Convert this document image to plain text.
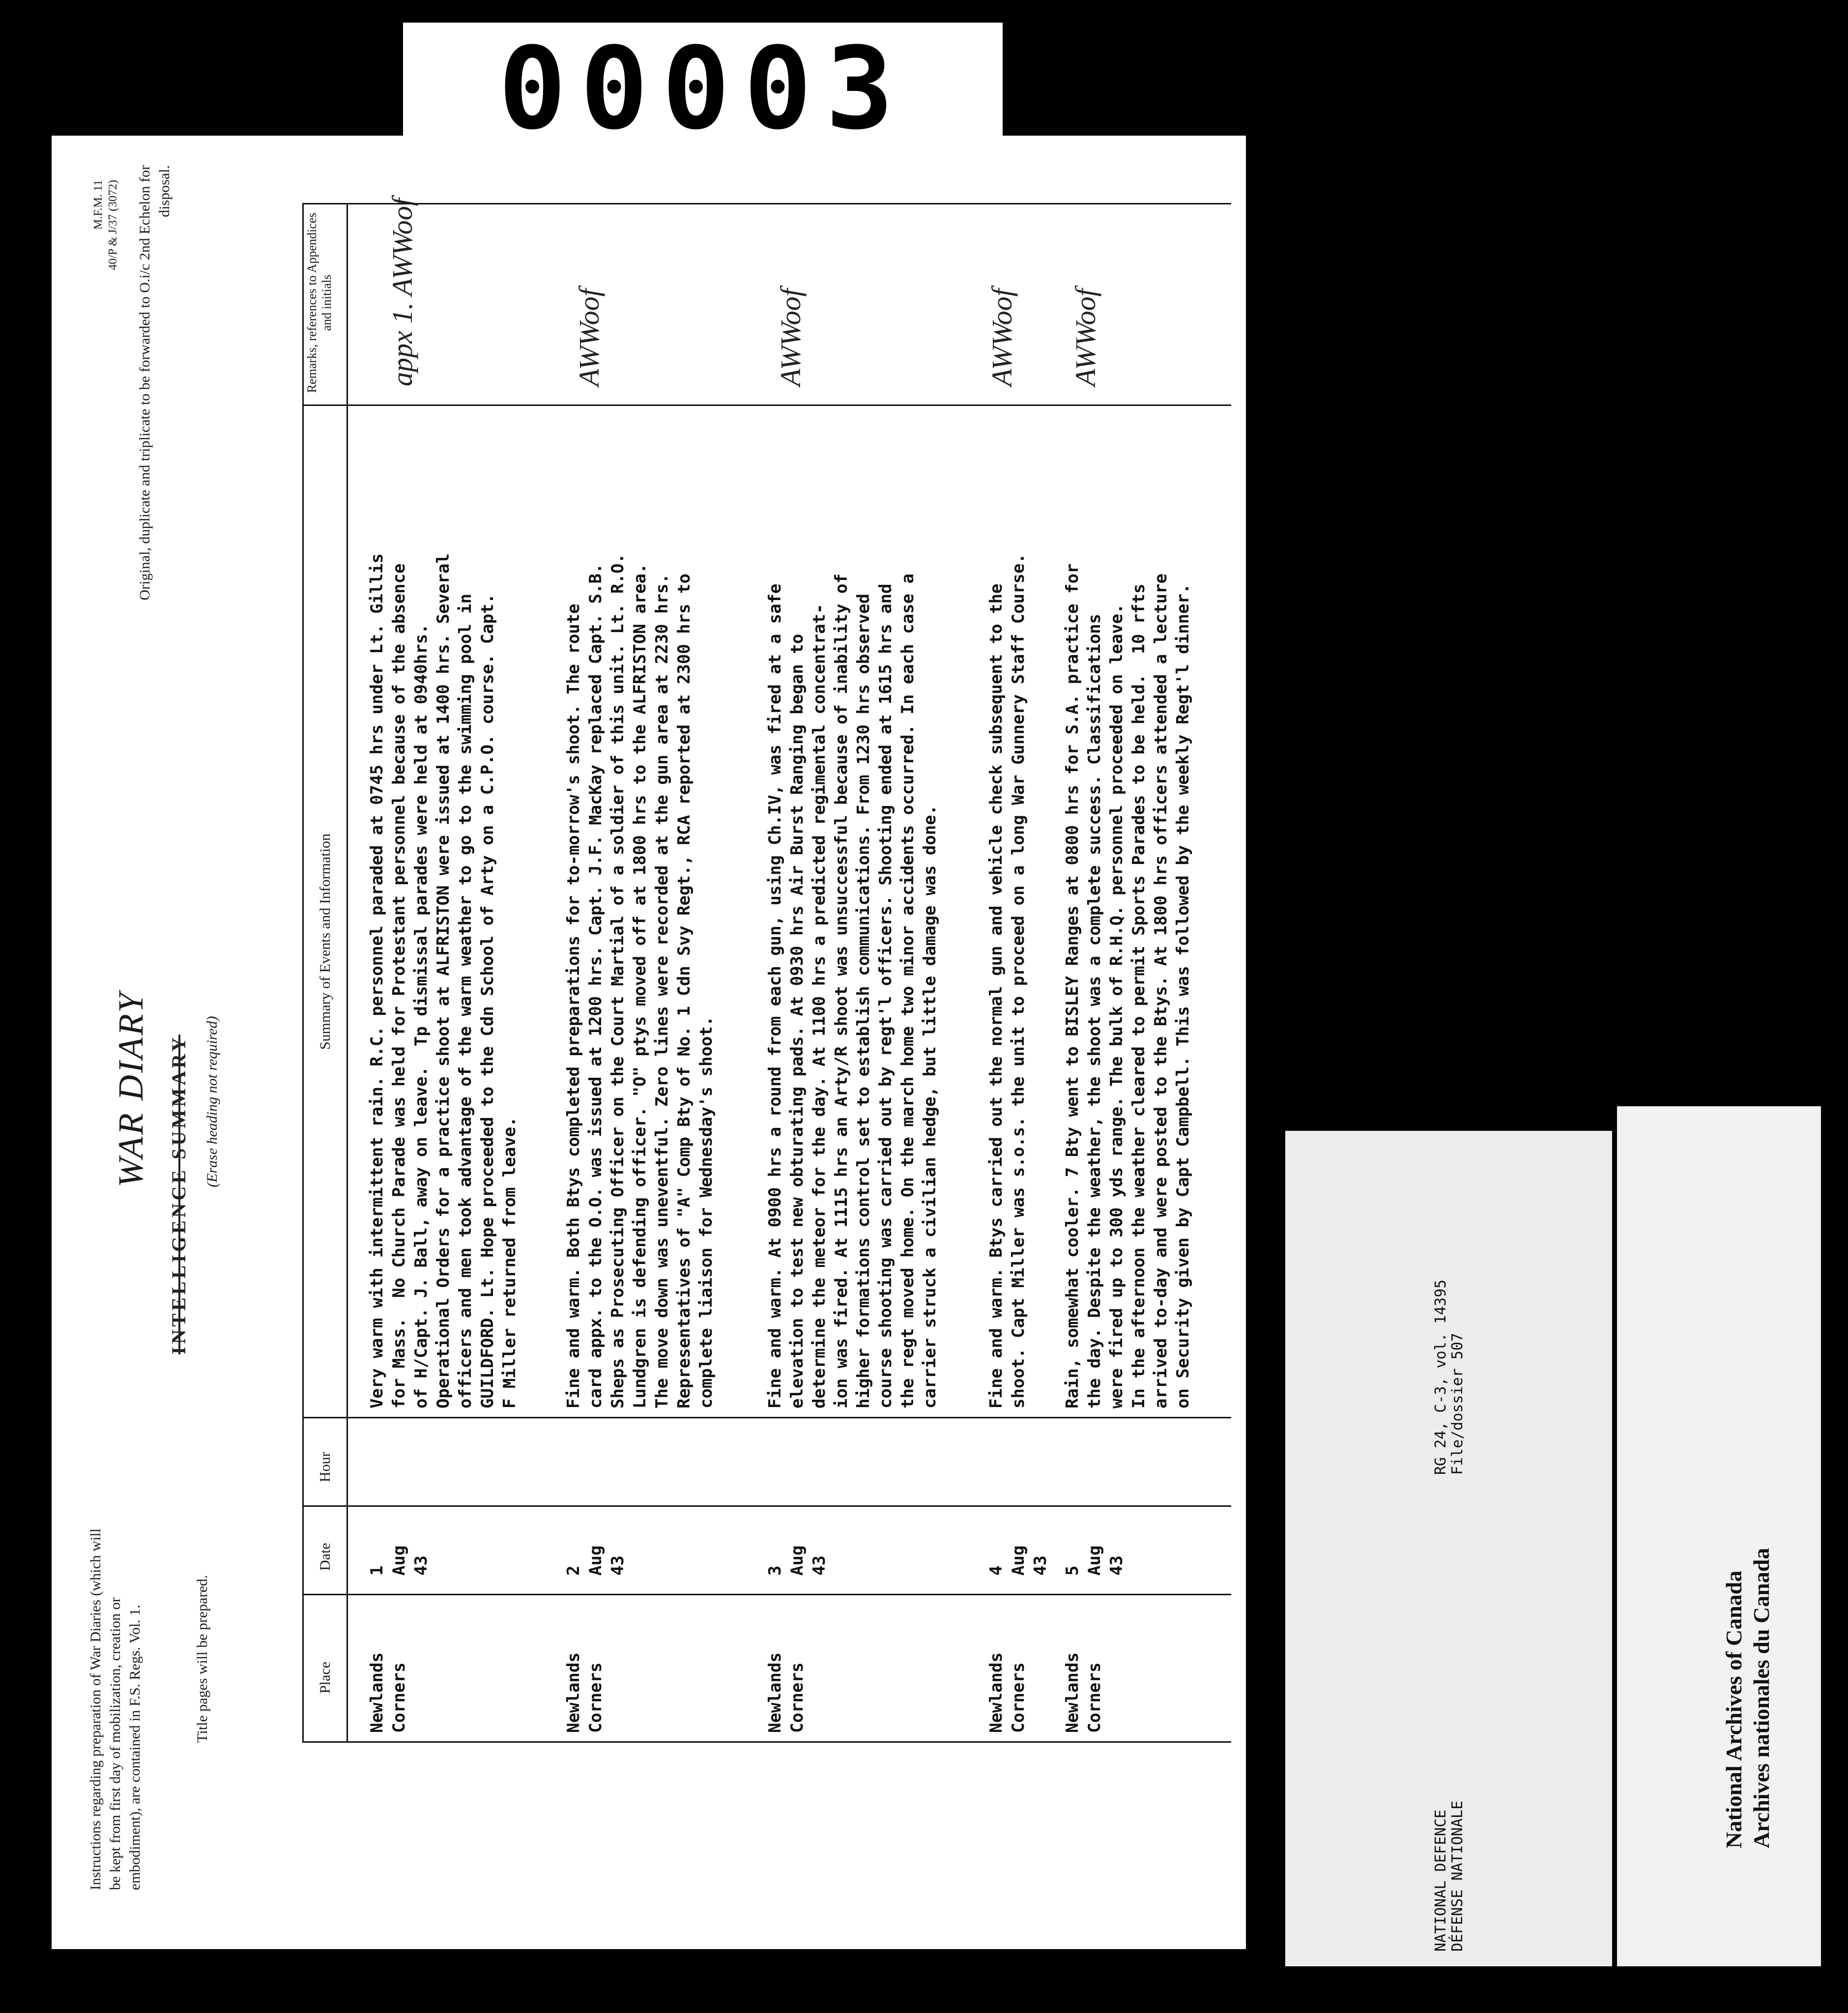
Instructions regarding preparation of War Diaries (which will be kept from first day of mobilization, creation or embodiment), are contained in F.S. Regs. Vol. 1.	Title pages will be prepared.
M.F.M. 11
40/P & J/37 (3072) Original, duplicate and triplicate to be forwarded to O.i/c 2nd Echelon for disposal.
WAR DIARY INTELLIGENCE SUMMARY (Erase heading not required)
Place
Date
Hour
Summary of Events and Information
Remarks, references to Appendices and initials
Newlands
Corners
1
Aug
43
Very warm with intermittent rain. R.C. personnel paraded at 0745 hrs under Lt. Gillis
for Mass.  No Church Parade was held for Protestant personnel because of the absence
of H/Capt. J. Ball, away on leave.  Tp dismissal parades were held at 0940hrs.
Operational Orders for a practice shoot at ALFRISTON were issued at 1400 hrs. Several
officers and men took advantage of the warm weather to go to the swimming pool in
GUILDFORD. Lt. Hope proceeded to the Cdn School of Arty on a C.P.O. course. Capt.
F Miller returned from leave.
appx 1. AWWoof
Newlands
Corners
2
Aug
43
Fine and warm. Both Btys completed preparations for to-morrow's shoot. The route
card appx. to the O.O. was issued at 1200 hrs. Capt. J.F. MacKay replaced Capt. S.B.
Sheps as Prosecuting Officer on the Court Martial of a soldier of this unit. Lt. R.O.
Lundgren is defending officer. "O" ptys moved off at 1800 hrs to the ALFRISTON area.
The move down was uneventful. Zero lines were recorded at the gun area at 2230 hrs.
Representatives of "A" Comp Bty of No. 1 Cdn Svy Regt., RCA reported at 2300 hrs to
complete liaison for Wednesday's shoot.
AWWoof
Newlands
Corners
3
Aug
43
Fine and warm. At 0900 hrs a round from each gun, using Ch.IV, was fired at a safe
elevation to test new obturating pads. At 0930 hrs Air Burst Ranging began to
determine the meteor for the day. At 1100 hrs a predicted regimental concentrat-
ion was fired. At 1115 hrs an Arty/R shoot was unsuccessful because of inability of
higher formations control set to establish communications. From 1230 hrs observed
course shooting was carried out by regt'l officers. Shooting ended at 1615 hrs and
the regt moved home. On the march home two minor accidents occurred. In each case a
carrier struck a civilian hedge, but little damage was done.
AWWoof
Newlands
Corners
4
Aug
43
Fine and warm. Btys carried out the normal gun and vehicle check subsequent to the
shoot. Capt Miller was s.o.s. the unit to proceed on a long War Gunnery Staff Course.
AWWoof
Newlands
Corners
5
Aug
43
Rain, somewhat cooler. 7 Bty went to BISLEY Ranges at 0800 hrs for S.A. practice for
the day. Despite the weather, the shoot was a complete success. Classifications
were fired up to 300 yds range. The bulk of R.H.Q. personnel proceeded on leave.
In the afternoon the weather cleared to permit Sports Parades to be held.  10 rfts
arrived to-day and were posted to the Btys. At 1800 hrs officers attended a lecture
on Security given by Capt Campbell. This was followed by the weekly Regt'l dinner.
AWWoof
00003
NATIONAL DEFENCE
DÉFENSE NATIONALE
RG 24, C-3, vol. 14395
File/dossier 507
National Archives of Canada
Archives nationales du Canada
